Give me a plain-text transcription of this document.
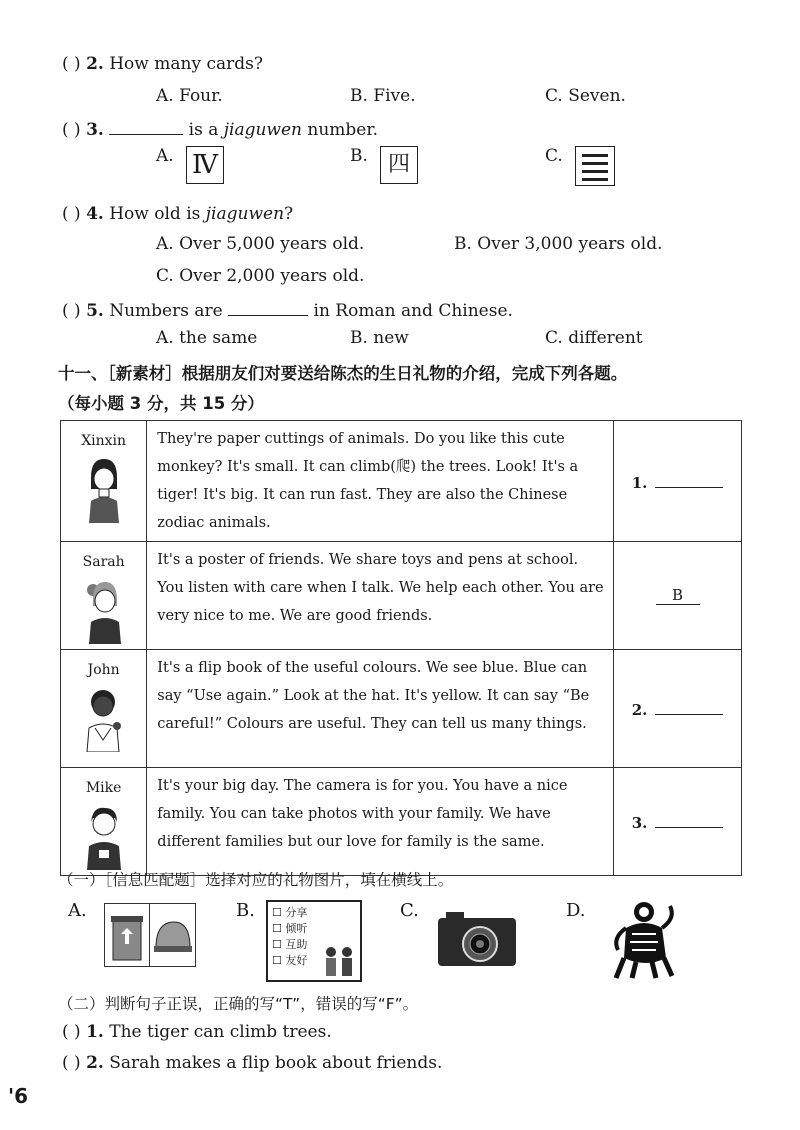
( ) 2. How many cards?
A. Four.	B. Five.	C. Seven.
( ) 3.	is a jiaguwen number.
A. Ⅳ	B. 四	C.
( ) 4. How old is jiaguwen?
A. Over 5,000 years old.	B. Over 3,000 years old.
C. Over 2,000 years old.
( ) 5. Numbers are	in Roman and Chinese.
A. the same	B. new	C. different
十一、［新素材］根据朋友们对要送给陈杰的生日礼物的介绍，完成下列各题。
（每小题 3 分，共 15 分）
Xinxin	They're paper cuttings of animals. Do you like this cute monkey? It's small. It can climb(爬) the trees. Look! It's a tiger! It's big. It can run fast. They are also the Chinese zodiac animals.	1.

Sarah	It's a poster of friends. We share toys and pens at school. You listen with care when I talk. We help each other. You are very nice to me. We are good friends.	B

John	It's a flip book of the useful colours. We see blue. Blue can say “Use again.” Look at the hat. It's yellow. It can say “Be careful!” Colours are useful. They can tell us many things.	2.

Mike	It's your big day. The camera is for you. You have a nice family. You can take photos with your family. We have different families but our love for family is the same.	3.
（一）［信息匹配题］选择对应的礼物图片，填在横线上。
A.	B. ☐ 分享
☐ 倾听
☐ 互助
☐ 友好
C.	D.
（二）判断句子正误，正确的写“T”，错误的写“F”。
( ) 1. The tiger can climb trees.
( ) 2. Sarah makes a flip book about friends.
'6
